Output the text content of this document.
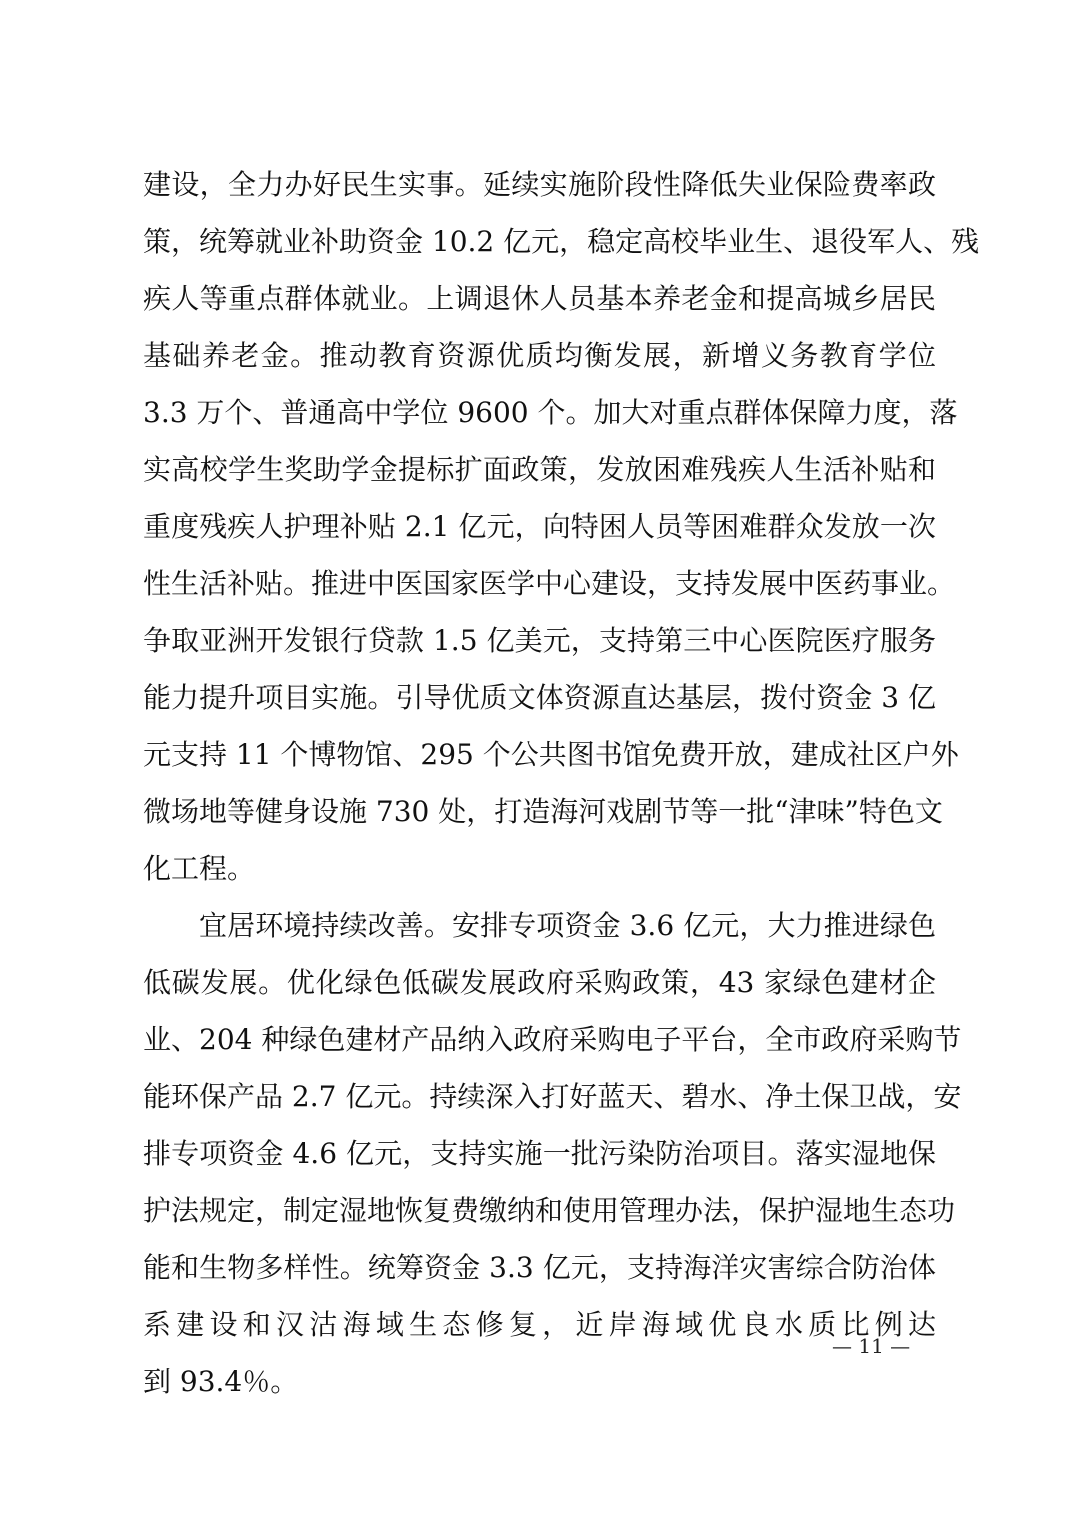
建设，全力办好民生实事。延续实施阶段性降低失业保险费率政
策，统筹就业补助资金 10.2 亿元，稳定高校毕业生、退役军人、残
疾人等重点群体就业。上调退休人员基本养老金和提高城乡居民
基础养老金。推动教育资源优质均衡发展，新增义务教育学位
3.3 万个、普通高中学位 9600 个。加大对重点群体保障力度，落
实高校学生奖助学金提标扩面政策，发放困难残疾人生活补贴和
重度残疾人护理补贴 2.1 亿元，向特困人员等困难群众发放一次
性生活补贴。推进中医国家医学中心建设，支持发展中医药事业。
争取亚洲开发银行贷款 1.5 亿美元，支持第三中心医院医疗服务
能力提升项目实施。引导优质文体资源直达基层，拨付资金 3 亿
元支持 11 个博物馆、295 个公共图书馆免费开放，建成社区户外
微场地等健身设施 730 处，打造海河戏剧节等一批“津味”特色文
化工程。
宜居环境持续改善。安排专项资金 3.6 亿元，大力推进绿色
低碳发展。优化绿色低碳发展政府采购政策，43 家绿色建材企
业、204 种绿色建材产品纳入政府采购电子平台，全市政府采购节
能环保产品 2.7 亿元。持续深入打好蓝天、碧水、净土保卫战，安
排专项资金 4.6 亿元，支持实施一批污染防治项目。落实湿地保
护法规定，制定湿地恢复费缴纳和使用管理办法，保护湿地生态功
能和生物多样性。统筹资金 3.3 亿元，支持海洋灾害综合防治体
系建设和汉沽海域生态修复，近岸海域优良水质比例达
到 93.4％。
— 11 —
